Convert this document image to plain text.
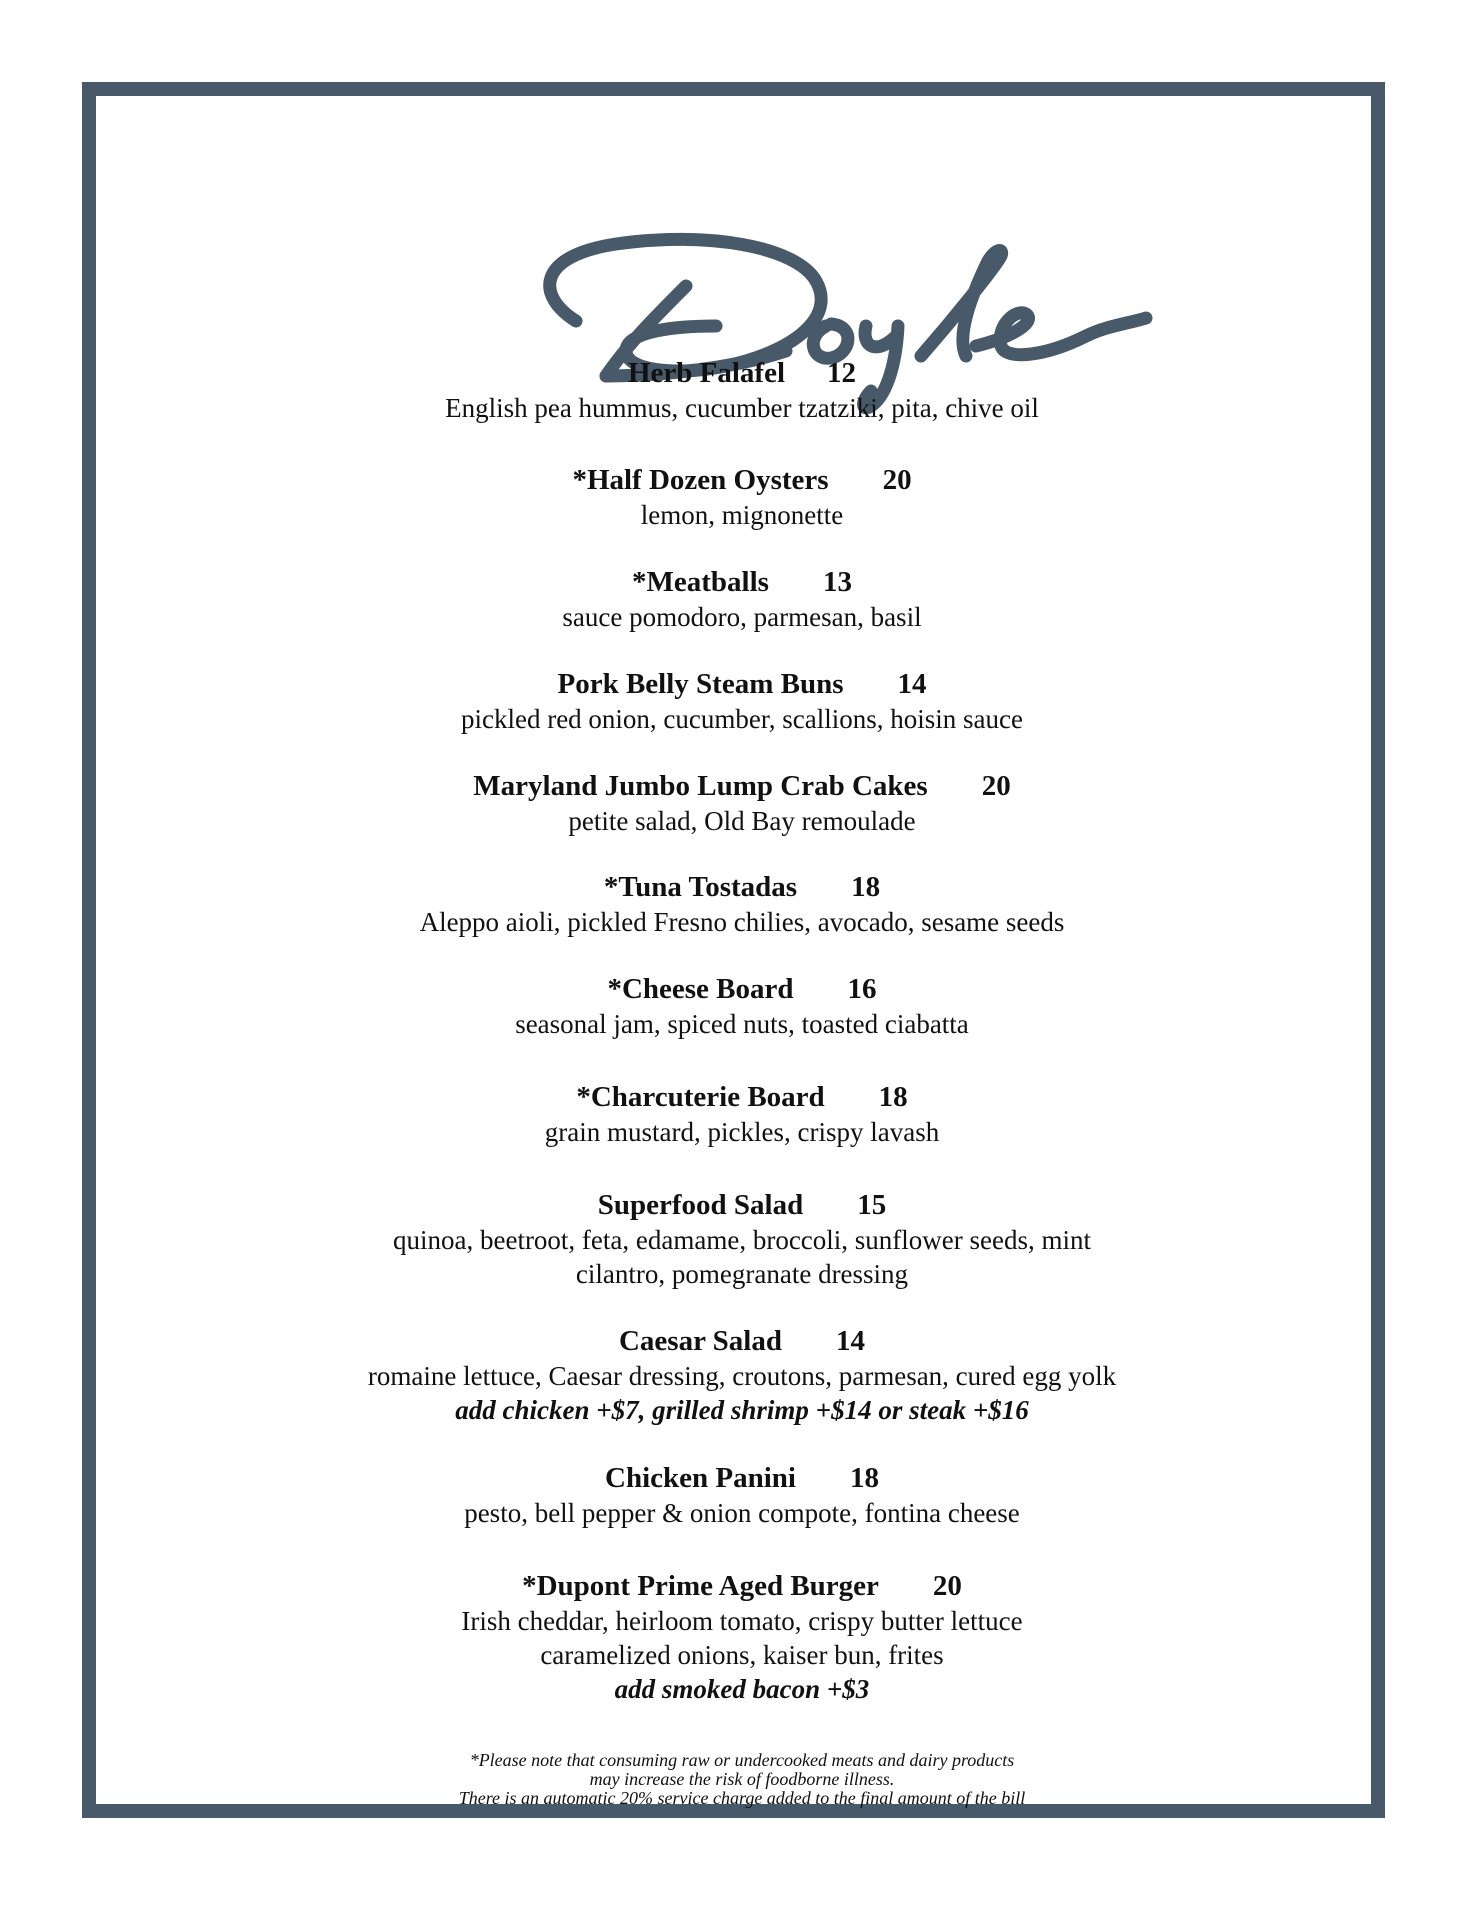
Herb Falafel 12
English pea hummus, cucumber tzatziki, pita, chive oil
*Half Dozen Oysters 20
lemon, mignonette
*Meatballs 13
sauce pomodoro, parmesan, basil
Pork Belly Steam Buns 14
pickled red onion, cucumber, scallions, hoisin sauce
Maryland Jumbo Lump Crab Cakes 20
petite salad, Old Bay remoulade
*Tuna Tostadas 18
Aleppo aioli, pickled Fresno chilies, avocado, sesame seeds
*Cheese Board 16
seasonal jam, spiced nuts, toasted ciabatta
*Charcuterie Board 18
grain mustard, pickles, crispy lavash
Superfood Salad 15
quinoa, beetroot, feta, edamame, broccoli, sunflower seeds, mint
cilantro, pomegranate dressing
Caesar Salad 14
romaine lettuce, Caesar dressing, croutons, parmesan, cured egg yolk
add chicken +$7, grilled shrimp +$14 or steak +$16
Chicken Panini 18
pesto, bell pepper & onion compote, fontina cheese
*Dupont Prime Aged Burger 20
Irish cheddar, heirloom tomato, crispy butter lettuce
caramelized onions, kaiser bun, frites
add smoked bacon +$3
*Please note that consuming raw or undercooked meats and dairy products
may increase the risk of foodborne illness.
There is an automatic 20% service charge added to the final amount of the bill
